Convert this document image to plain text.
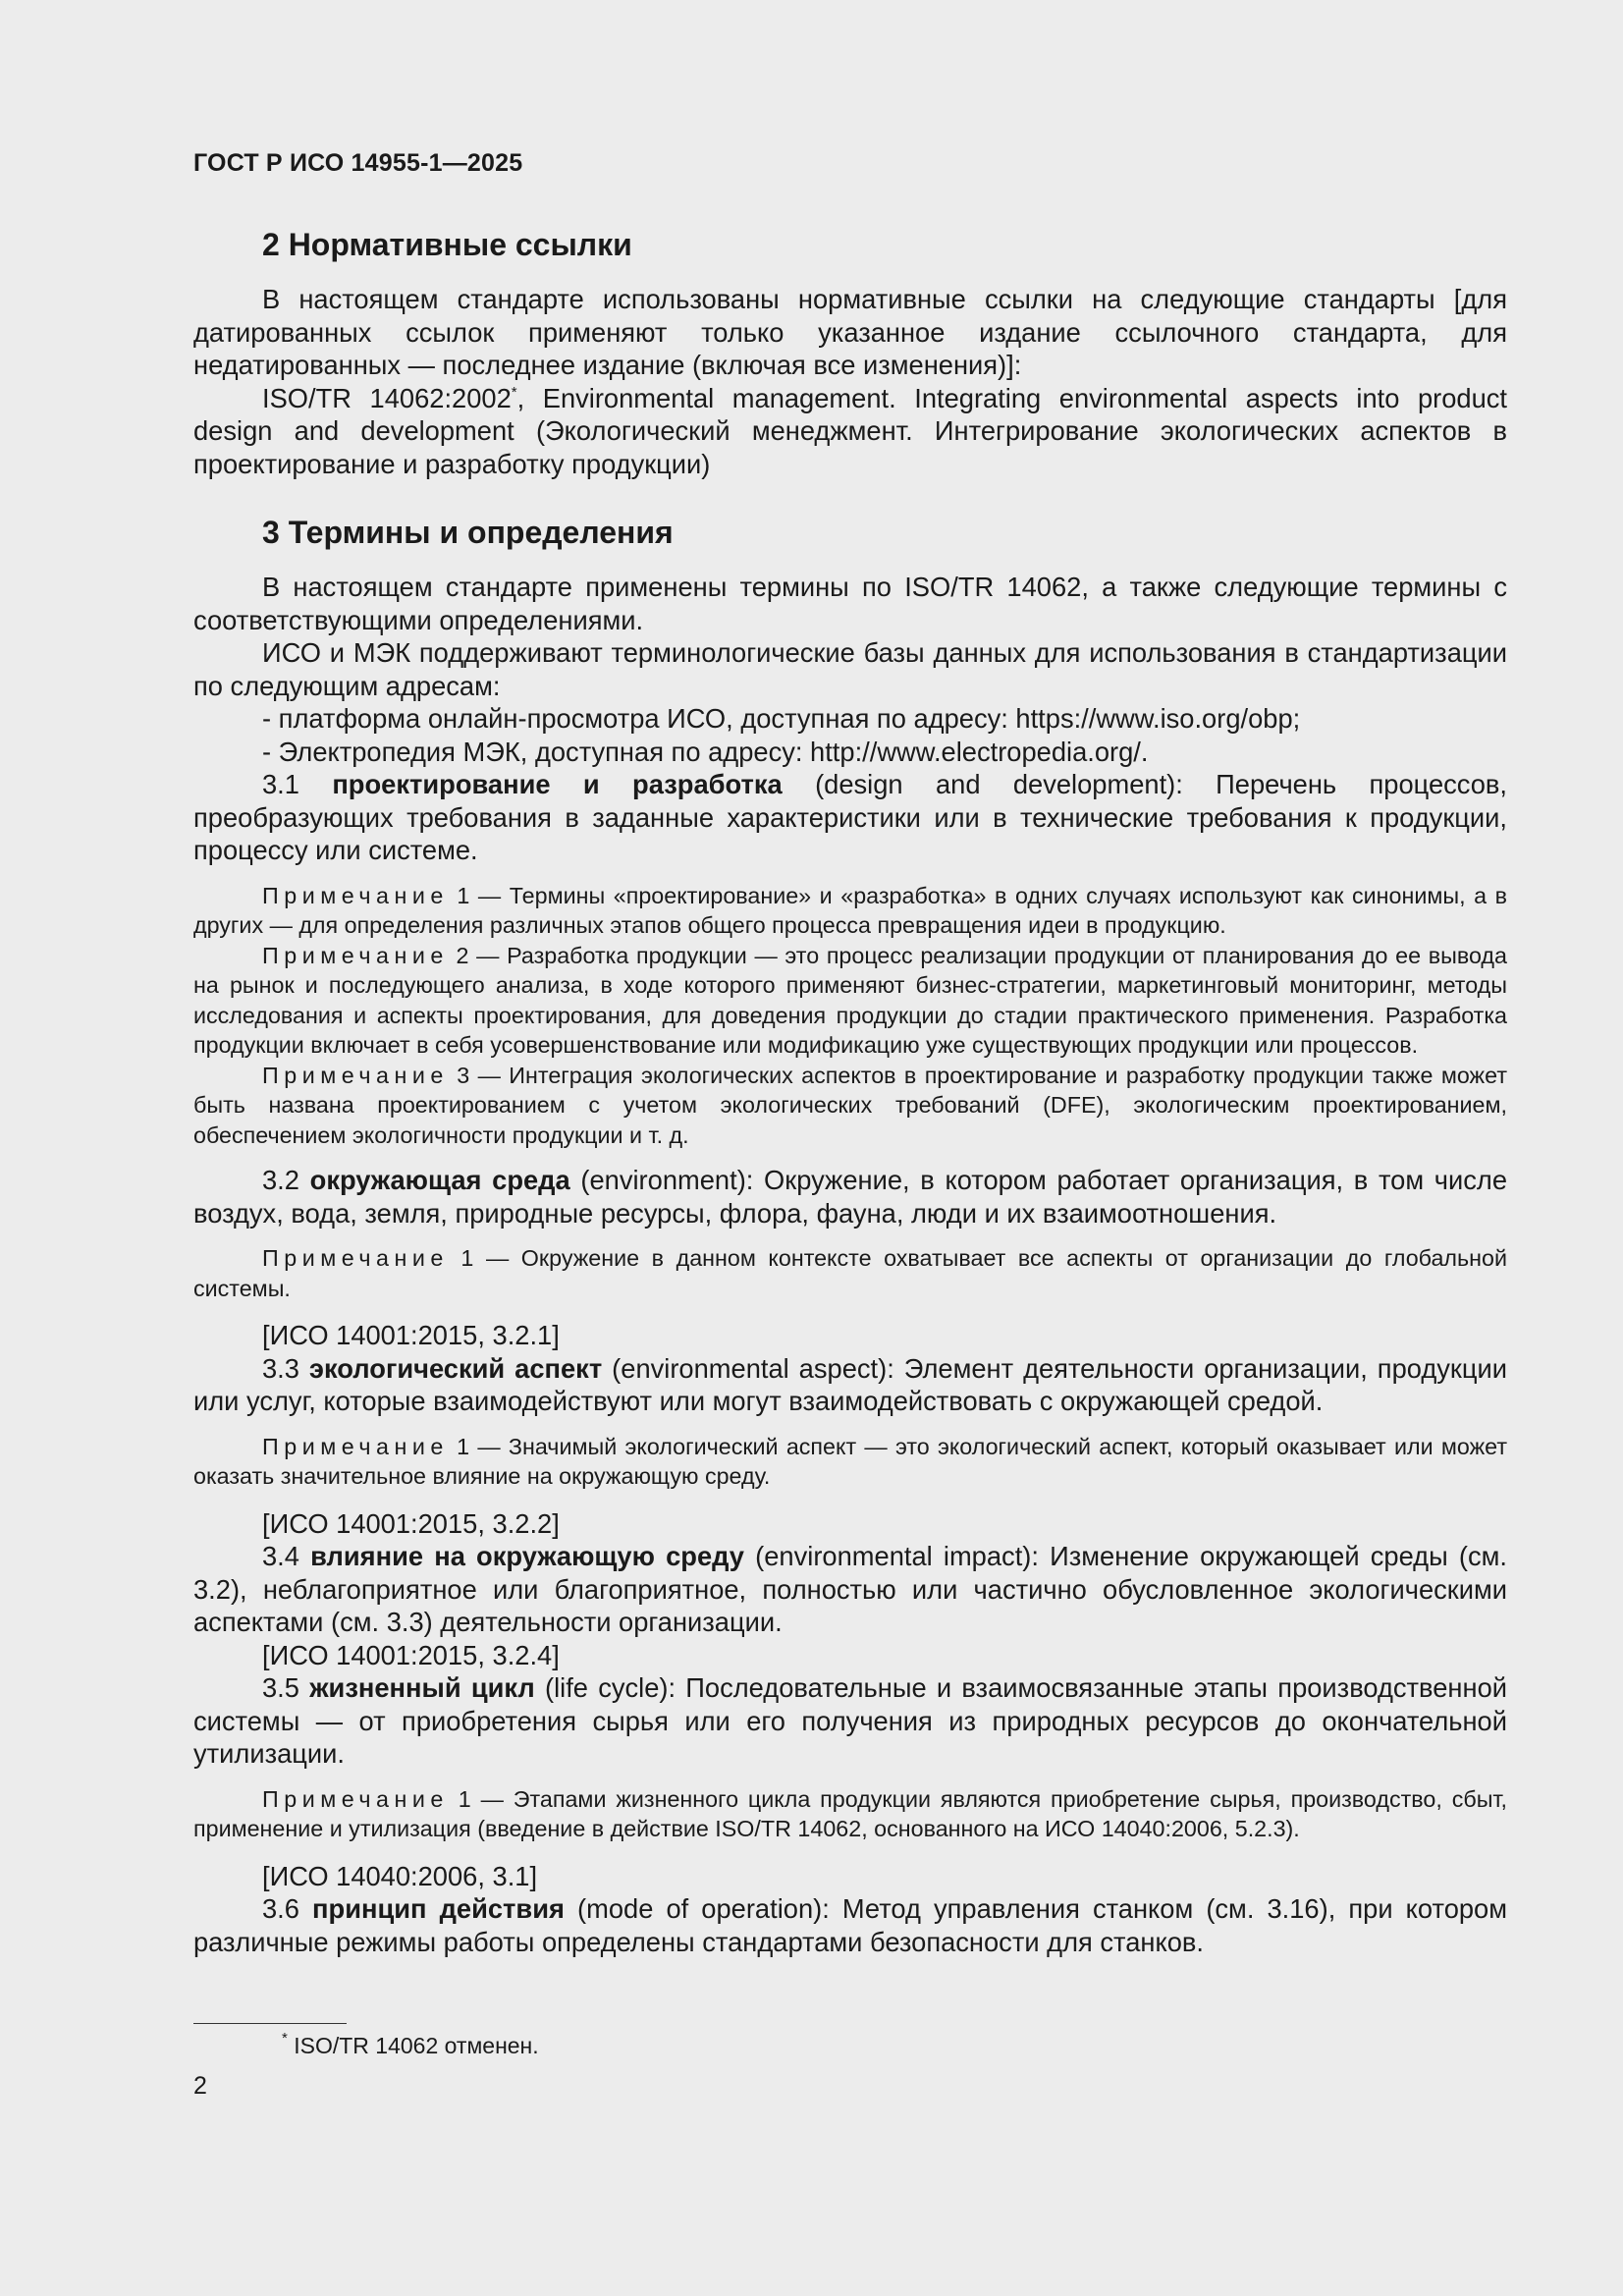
ГОСТ Р ИСО 14955-1—2025
2 Нормативные ссылки

В настоящем стандарте использованы нормативные ссылки на следующие стандарты [для датированных ссылок применяют только указанное издание ссылочного стандарта, для недатированных — последнее издание (включая все изменения)]:

ISO/TR 14062:2002*, Environmental management. Integrating environmental aspects into product design and development (Экологический менеджмент. Интегрирование экологических аспектов в проектирование и разработку продукции)

3 Термины и определения

В настоящем стандарте применены термины по ISO/TR 14062, а также следующие термины с соответствующими определениями.

ИСО и МЭК поддерживают терминологические базы данных для использования в стандартизации по следующим адресам:

- платформа онлайн-просмотра ИСО, доступная по адресу: https://www.iso.org/obp;

- Электропедия МЭК, доступная по адресу: http://www.electropedia.org/.

3.1 проектирование и разработка (design and development): Перечень процессов, преобразующих требования в заданные характеристики или в технические требования к продукции, процессу или системе.

Примечание 1 — Термины «проектирование» и «разработка» в одних случаях используют как синонимы, а в других — для определения различных этапов общего процесса превращения идеи в продукцию.

Примечание 2 — Разработка продукции — это процесс реализации продукции от планирования до ее вывода на рынок и последующего анализа, в ходе которого применяют бизнес-стратегии, маркетинговый мониторинг, методы исследования и аспекты проектирования, для доведения продукции до стадии практического применения. Разработка продукции включает в себя усовершенствование или модификацию уже существующих продукции или процессов.

Примечание 3 — Интеграция экологических аспектов в проектирование и разработку продукции также может быть названа проектированием с учетом экологических требований (DFE), экологическим проектированием, обеспечением экологичности продукции и т. д.

3.2 окружающая среда (environment): Окружение, в котором работает организация, в том числе воздух, вода, земля, природные ресурсы, флора, фауна, люди и их взаимоотношения.

Примечание 1 — Окружение в данном контексте охватывает все аспекты от организации до глобальной системы.

[ИСО 14001:2015, 3.2.1]

3.3 экологический аспект (environmental aspect): Элемент деятельности организации, продукции или услуг, которые взаимодействуют или могут взаимодействовать с окружающей средой.

Примечание 1 — Значимый экологический аспект — это экологический аспект, который оказывает или может оказать значительное влияние на окружающую среду.

[ИСО 14001:2015, 3.2.2]

3.4 влияние на окружающую среду (environmental impact): Изменение окружающей среды (см. 3.2), неблагоприятное или благоприятное, полностью или частично обусловленное экологическими аспектами (см. 3.3) деятельности организации.

[ИСО 14001:2015, 3.2.4]

3.5 жизненный цикл (life cycle): Последовательные и взаимосвязанные этапы производственной системы — от приобретения сырья или его получения из природных ресурсов до окончательной утилизации.

Примечание 1 — Этапами жизненного цикла продукции являются приобретение сырья, производство, сбыт, применение и утилизация (введение в действие ISO/TR 14062, основанного на ИСО 14040:2006, 5.2.3).

[ИСО 14040:2006, 3.1]

3.6 принцип действия (mode of operation): Метод управления станком (см. 3.16), при котором различные режимы работы определены стандартами безопасности для станков.

* ISO/TR 14062 отменен.
2
